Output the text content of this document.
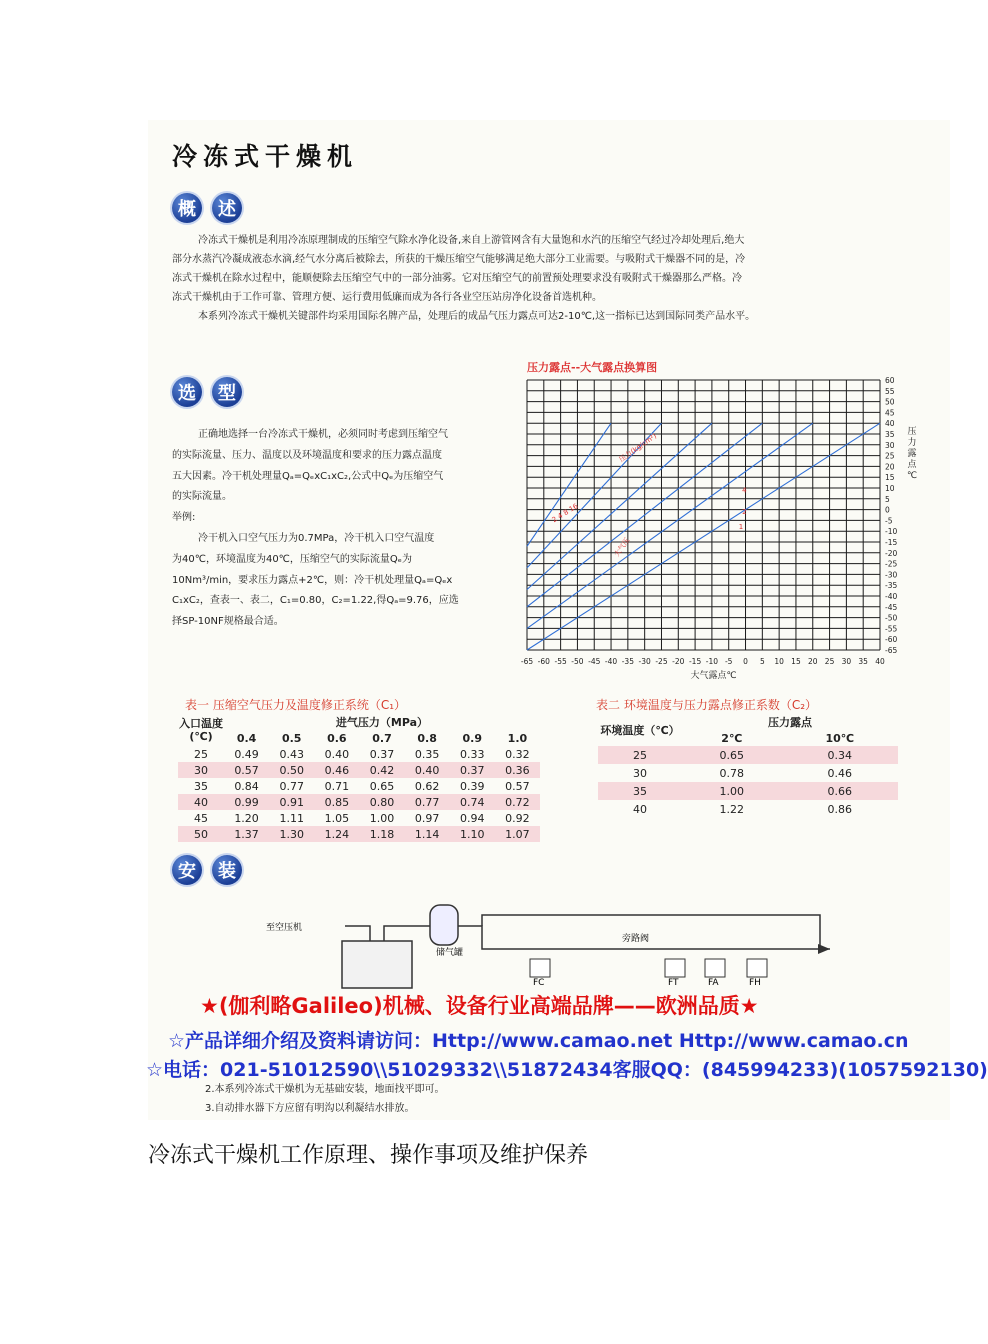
冷冻式干燥机
概	述
冷冻式干燥机是利用冷冻原理制成的压缩空气除水净化设备,来自上游管网含有大量饱和水汽的压缩空气经过冷却处理后,绝大
部分水蒸汽冷凝成液态水滴,经气水分离后被除去，所获的干燥压缩空气能够满足绝大部分工业需要。与吸附式干燥器不同的是，冷
冻式干燥机在除水过程中，能顺便除去压缩空气中的一部分油雾。它对压缩空气的前置预处理要求没有吸附式干燥器那么严格。冷
冻式干燥机由于工作可靠、管理方便、运行费用低廉而成为各行各业空压站房净化设备首选机种。
本系列冷冻式干燥机关键部件均采用国际名牌产品，处理后的成品气压力露点可达2-10℃,这一指标已达到国际同类产品水平。
选	型
正确地选择一台冷冻式干燥机，必须同时考虑到压缩空气
的实际流量、压力、温度以及环境温度和要求的压力露点温度
五大因素。冷干机处理量Qₐ=QₑxC₁xC₂,公式中Qₑ为压缩空气
的实际流量。
举例:
冷干机入口空气压力为0.7MPa，冷干机入口空气温度
为40℃，环境温度为40℃，压缩空气的实际流量Qₑ为
10Nm³/min，要求压力露点+2℃，则：冷干机处理量Qₐ=Qₑx
C₁xC₂，查表一、表二，C₁=0.80，C₂=1.22,得Qₐ=9.76，应选
择SP-10NF规格最合适。
压力露点--大气露点换算图
-65 -60 -55 -50 -45 -40 -35 -30 -25 -20 -15 -10 -5 0 5 10 15 20 25 30 35 40
60
55
50
45
40
35
30
25
20
15
10
5
0
-5
-10
-15
-20
-25
-30
-35
-40
-45
-50
-55
-60
-65
大气露点℃
压
力
露
点
℃
压力(kg/cm²)
2 4 8 16
1
2
4
大气压
表一 压缩空气压力及温度修正系统（C₁）
入口温度
(℃)	进气压力（MPa）						
	0.4	0.5	0.6	0.7	0.8	0.9	1.0
25	0.49	0.43	0.40	0.37	0.35	0.33	0.32
30	0.57	0.50	0.46	0.42	0.40	0.37	0.36
35	0.84	0.77	0.71	0.65	0.62	0.39	0.57
40	0.99	0.91	0.85	0.80	0.77	0.74	0.72
45	1.20	1.11	1.05	1.00	0.97	0.94	0.92
50	1.37	1.30	1.24	1.18	1.14	1.10	1.07
表二 环境温度与压力露点修正系数（C₂）
环境温度（℃）	压力露点	
	2℃	10℃
25	0.65	0.34
30	0.78	0.46
35	1.00	0.66
40	1.22	0.86
安	装
至空压机
旁路阀
FC	FT	FA	FH
储气罐
★(伽利略Galileo)机械、设备行业高端品牌——欧洲品质★
☆产品详细介绍及资料请访问：Http://www.camao.net Http://www.camao.cn
☆电话：021-51012590\\51029332\\51872434客服QQ：(845994233)(1057592130)
2.本系列冷冻式干燥机为无基础安装，地面找平即可。
3.自动排水器下方应留有明沟以利凝结水排放。
冷冻式干燥机工作原理、操作事项及维护保养
